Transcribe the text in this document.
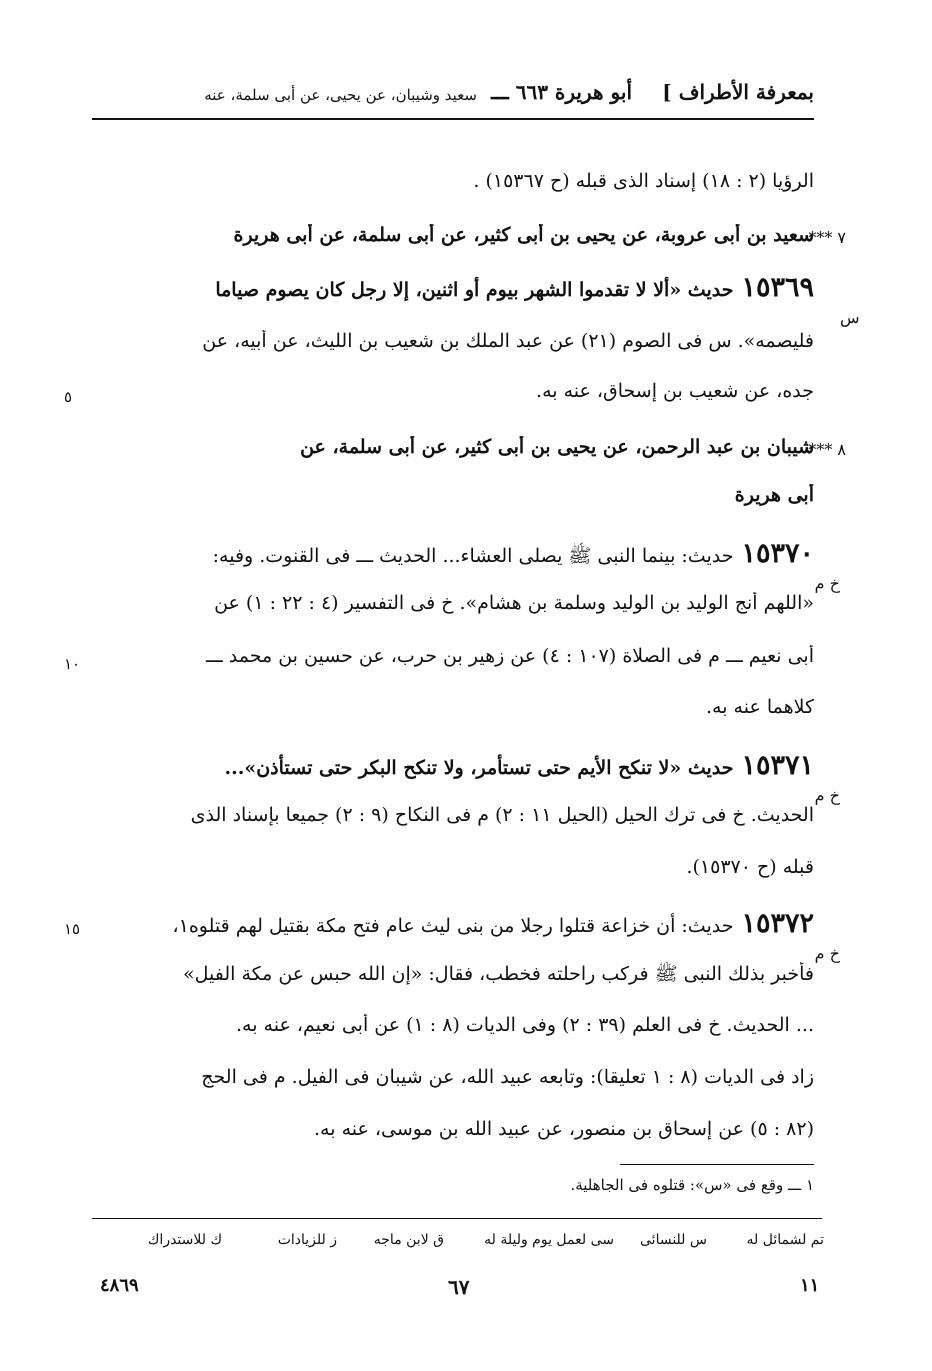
بمعرفة الأطراف ]
أبو هريرة ٦٦٣ ـــ
سعيد وشيبان، عن يحيى، عن أبى سلمة، عنه
الرؤيا (٢ : ١٨) إسناد الذى قبله (ح ١٥٣٦٧) .
سعيد بن أبى عروبة، عن يحيى بن أبى كثير، عن أبى سلمة، عن أبى هريرة
٧ ***
١٥٣٦٩حديث «ألا لا تقدموا الشهر بيوم أو اثنين، إلا رجل كان يصوم صياما
س
فليصمه». س فى الصوم (٢١) عن عبد الملك بن شعيب بن الليث، عن أبيه، عن
جده، عن شعيب بن إسحاق، عنه به.
٥
شيبان بن عبد الرحمن، عن يحيى بن أبى كثير، عن أبى سلمة، عن
٨ ***
أبى هريرة
١٥٣٧٠حديث: بينما النبى ﷺ يصلى العشاء... الحديث ـــ فى القنوت. وفيه:
خ م
«اللهم أنج الوليد بن الوليد وسلمة بن هشام». خ فى التفسير (٤ : ٢٢ : ١) عن
أبى نعيم ـــ م فى الصلاة (١٠٧ : ٤) عن زهير بن حرب، عن حسين بن محمد ـــ
١٠
كلاهما عنه به.
١٥٣٧١حديث «لا تنكح الأيم حتى تستأمر، ولا تنكح البكر حتى تستأذن»...
خ م
الحديث. خ فى ترك الحيل (الحيل ١١ : ٢) م فى النكاح (٩ : ٢) جميعا بإسناد الذى
قبله (ح ١٥٣٧٠).
١٥٣٧٢حديث: أن خزاعة قتلوا رجلا من بنى ليث عام فتح مكة بقتيل لهم قتلوه١،
١٥
خ م
فأُخبر بذلك النبى ﷺ فركب راحلته فخطب، فقال: «إن الله حبس عن مكة الفيل»
... الحديث. خ فى العلم (٣٩ : ٢) وفى الديات (٨ : ١) عن أبى نعيم، عنه به.
زاد فى الديات (٨ : ١ تعليقا): وتابعه عبيد الله، عن شيبان فى الفيل. م فى الحج
(٨٢ : ٥) عن إسحاق بن منصور، عن عبيد الله بن موسى، عنه به.
١ ـــ وقع فى «س»: قتلوه فى الجاهلية.
تم لشمائل له
س للنسائى
سى لعمل يوم وليلة له
ق لابن ماجه
ز للزيادات
ك للاستدراك
١١
٦٧
٤٨٦٩
